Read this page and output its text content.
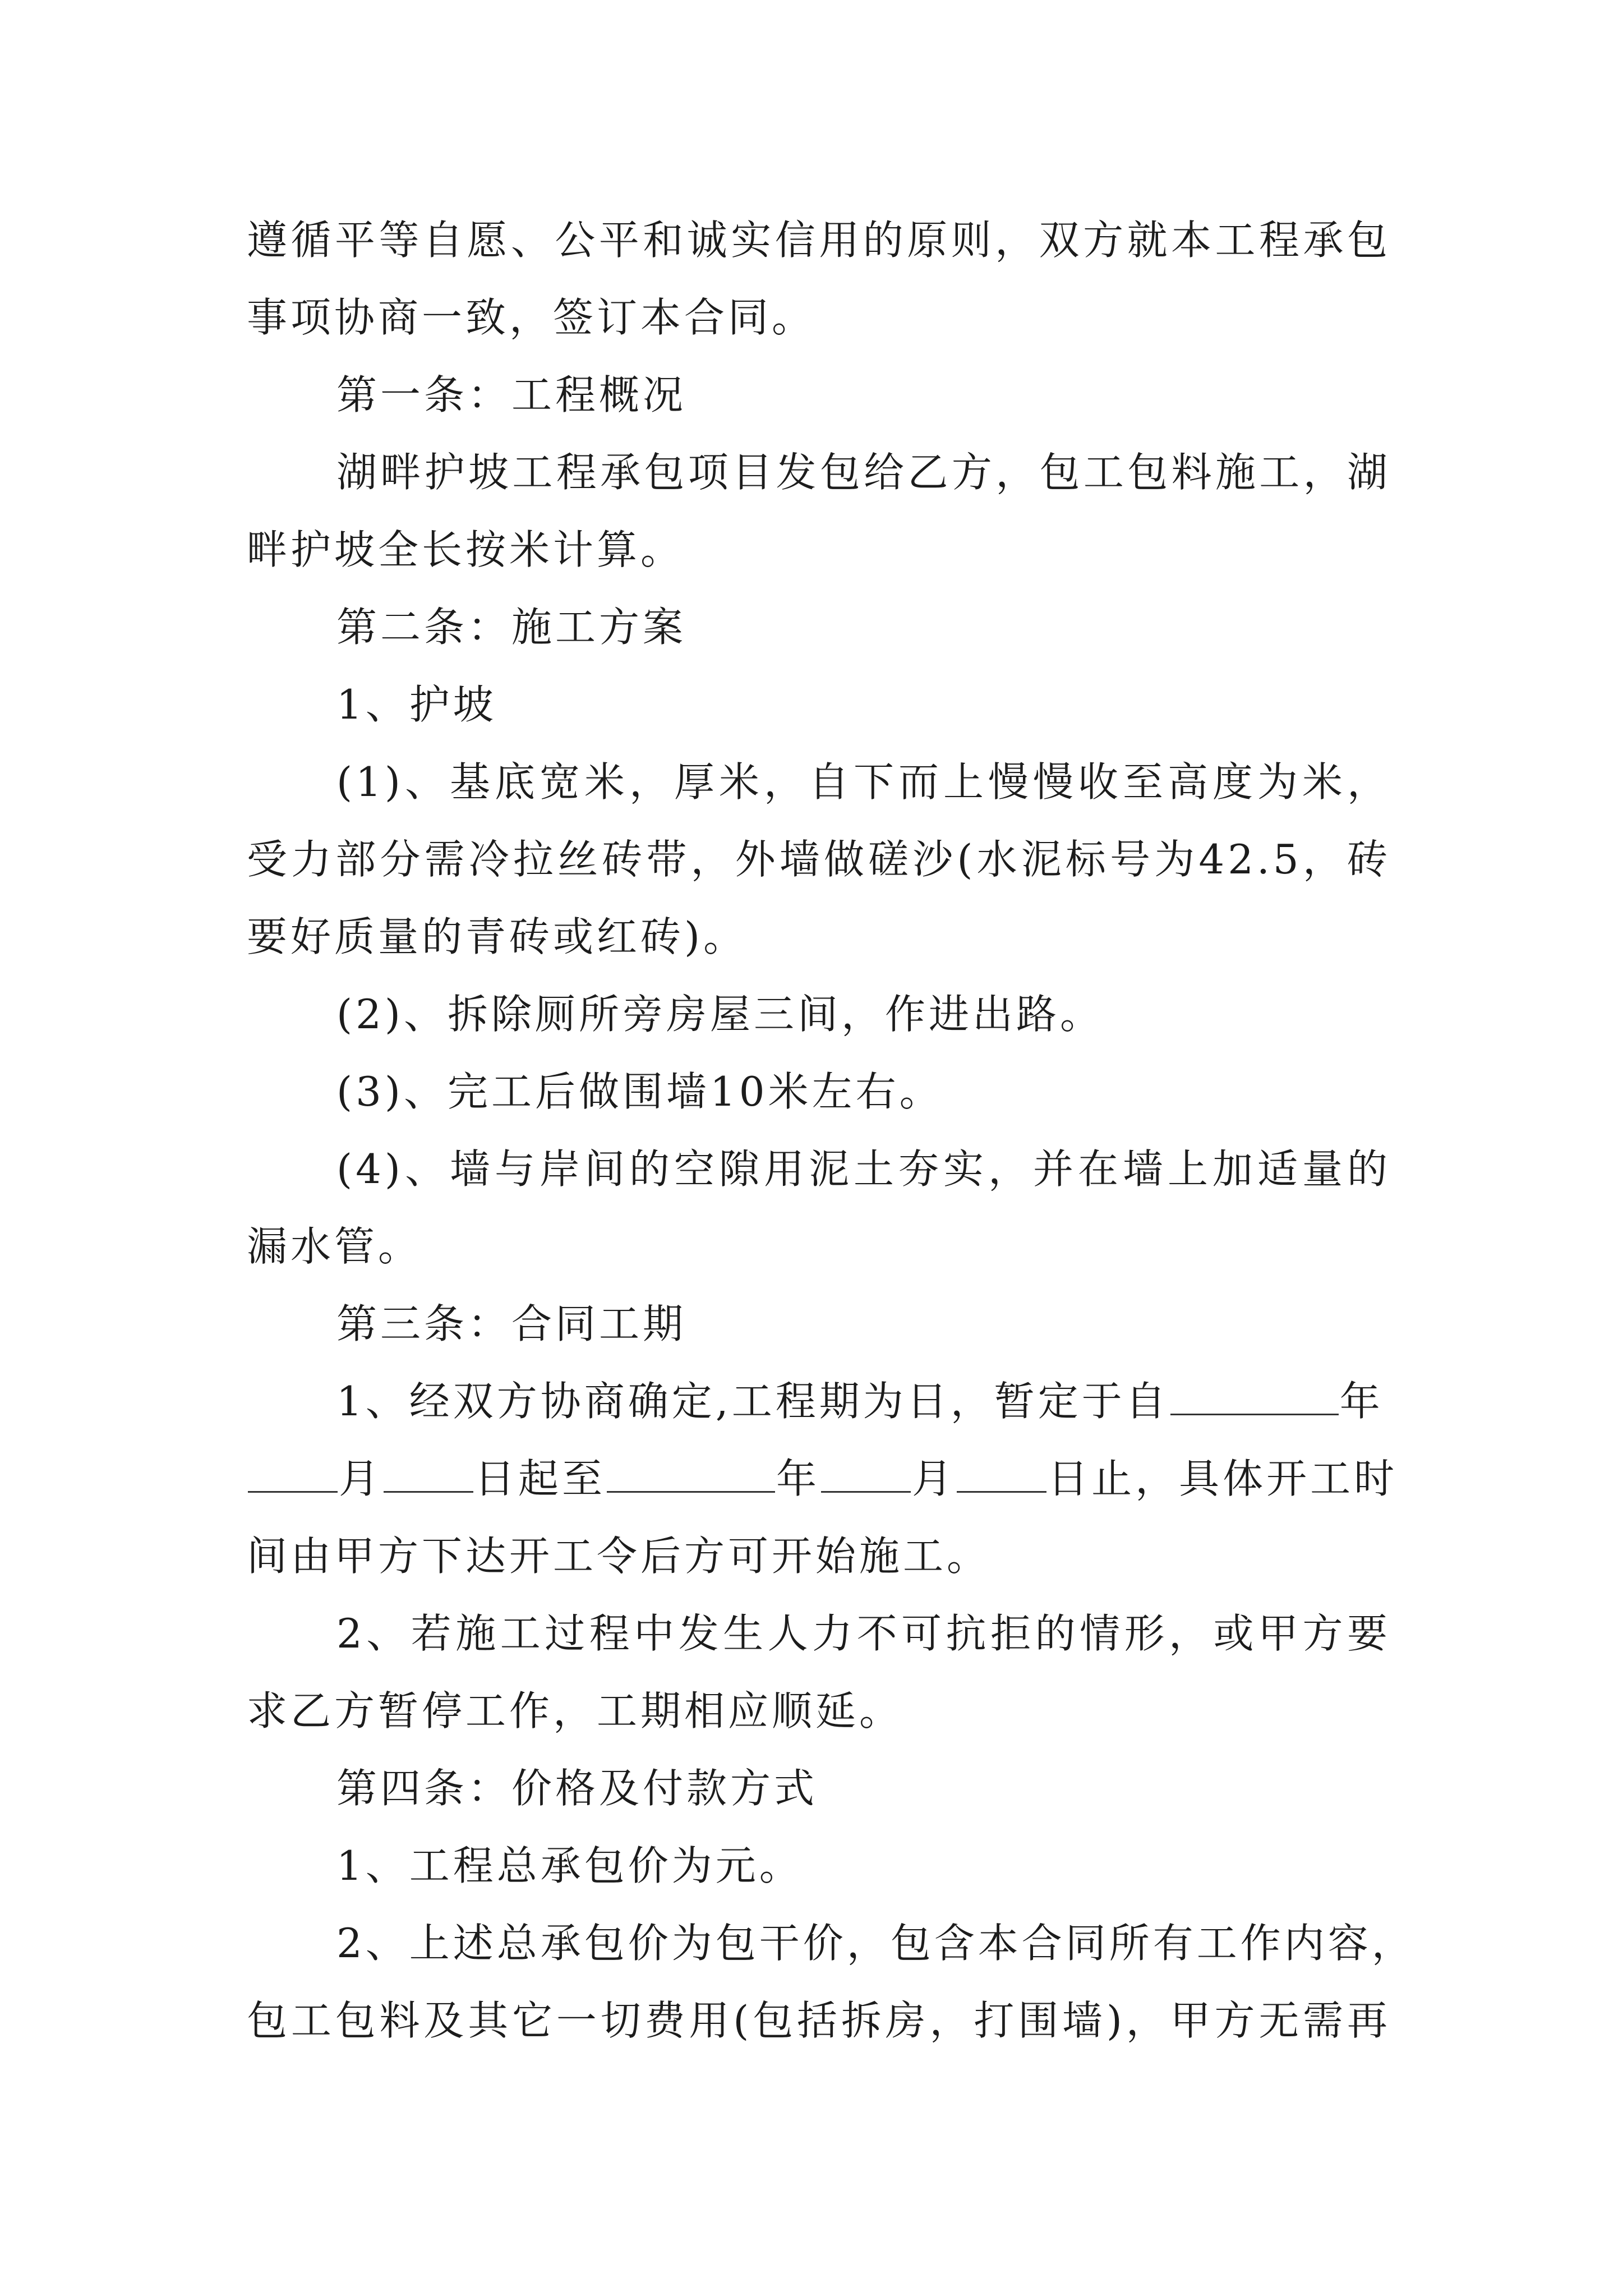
遵循平等自愿、公平和诚实信用的原则，双方就本工程承包
事项协商一致，签订本合同。
第一条：工程概况
湖畔护坡工程承包项目发包给乙方，包工包料施工，湖
畔护坡全长按米计算。
第二条：施工方案
1、护坡
(1)、基底宽米，厚米，自下而上慢慢收至高度为米，
受力部分需冷拉丝砖带，外墙做磋沙(水泥标号为42.5，砖
要好质量的青砖或红砖)。
(2)、拆除厕所旁房屋三间，作进出路。
(3)、完工后做围墙10米左右。
(4)、墙与岸间的空隙用泥土夯实，并在墙上加适量的
漏水管。
第三条：合同工期
1、经双方协商确定,工程期为日，暂定于自	年
月 日起至	年 月 日止，具体开工时
间由甲方下达开工令后方可开始施工。
2、若施工过程中发生人力不可抗拒的情形，或甲方要
求乙方暂停工作，工期相应顺延。
第四条：价格及付款方式
1、工程总承包价为元。
2、上述总承包价为包干价，包含本合同所有工作内容，
包工包料及其它一切费用(包括拆房，打围墙)，甲方无需再
